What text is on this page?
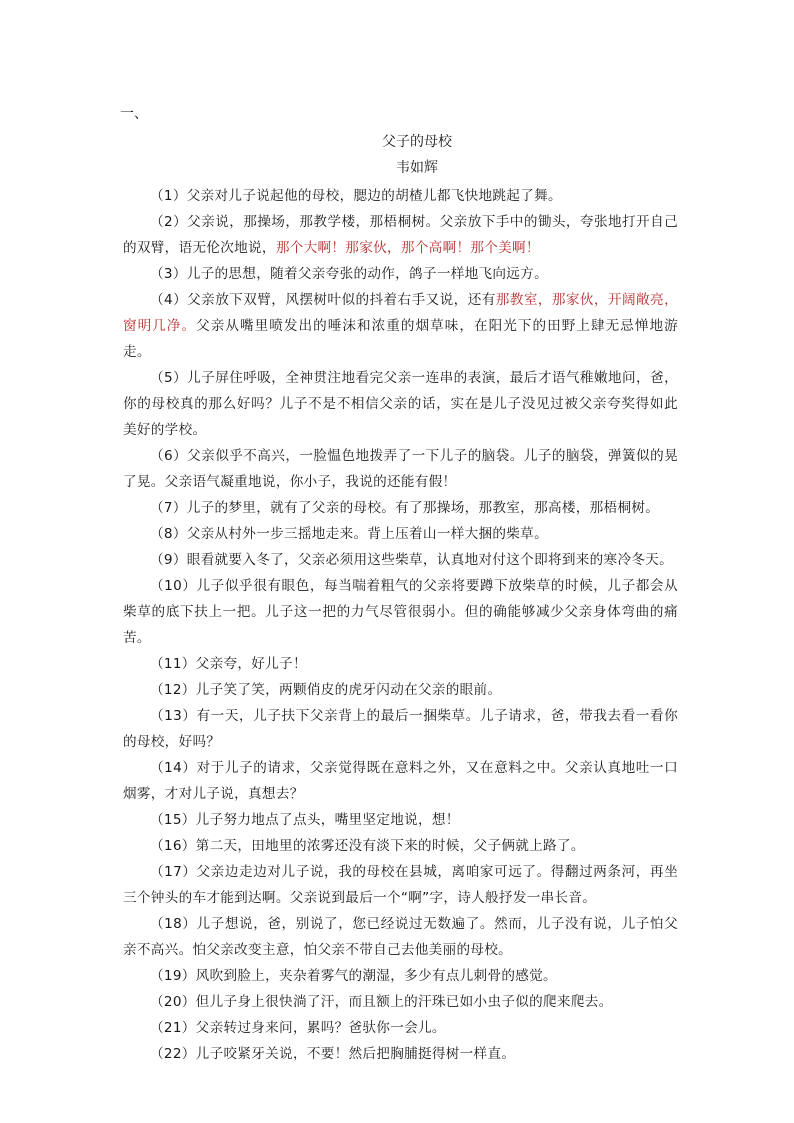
一、
父子的母校
韦如辉

（1）父亲对儿子说起他的母校，腮边的胡楂儿都飞快地跳起了舞。

（2）父亲说，那操场，那教学楼，那梧桐树。父亲放下手中的锄头，夸张地打开自己的双臂，语无伦次地说，那个大啊！那家伙，那个高啊！那个美啊！

（3）儿子的思想，随着父亲夸张的动作，鸽子一样地飞向远方。

（4）父亲放下双臂，风摆树叶似的抖着右手又说，还有那教室，那家伙，开阔敞亮，窗明几净。父亲从嘴里喷发出的唾沫和浓重的烟草味，在阳光下的田野上肆无忌惮地游走。

（5）儿子屏住呼吸，全神贯注地看完父亲一连串的表演，最后才语气稚嫩地问，爸，你的母校真的那么好吗？儿子不是不相信父亲的话，实在是儿子没见过被父亲夸奖得如此美好的学校。

（6）父亲似乎不高兴，一脸愠色地拨弄了一下儿子的脑袋。儿子的脑袋，弹簧似的晃了晃。父亲语气凝重地说，你小子，我说的还能有假！

（7）儿子的梦里，就有了父亲的母校。有了那操场，那教室，那高楼，那梧桐树。

（8）父亲从村外一步三摇地走来。背上压着山一样大捆的柴草。

（9）眼看就要入冬了，父亲必须用这些柴草，认真地对付这个即将到来的寒冷冬天。

（10）儿子似乎很有眼色，每当喘着粗气的父亲将要蹲下放柴草的时候，儿子都会从柴草的底下扶上一把。儿子这一把的力气尽管很弱小。但的确能够减少父亲身体弯曲的痛苦。

（11）父亲夸，好儿子！

（12）儿子笑了笑，两颗俏皮的虎牙闪动在父亲的眼前。

（13）有一天，儿子扶下父亲背上的最后一捆柴草。儿子请求，爸，带我去看一看你的母校，好吗？

（14）对于儿子的请求，父亲觉得既在意料之外，又在意料之中。父亲认真地吐一口烟雾，才对儿子说，真想去？

（15）儿子努力地点了点头，嘴里坚定地说，想！

（16）第二天，田地里的浓雾还没有淡下来的时候，父子俩就上路了。

（17）父亲边走边对儿子说，我的母校在县城，离咱家可远了。得翻过两条河，再坐三个钟头的车才能到达啊。父亲说到最后一个“啊”字，诗人般抒发一串长音。

（18）儿子想说，爸，别说了，您已经说过无数遍了。然而，儿子没有说，儿子怕父亲不高兴。怕父亲改变主意，怕父亲不带自己去他美丽的母校。

（19）风吹到脸上，夹杂着雾气的潮湿，多少有点儿刺骨的感觉。

（20）但儿子身上很快淌了汗，而且额上的汗珠已如小虫子似的爬来爬去。

（21）父亲转过身来问，累吗？爸驮你一会儿。

（22）儿子咬紧牙关说，不要！然后把胸脯挺得树一样直。
